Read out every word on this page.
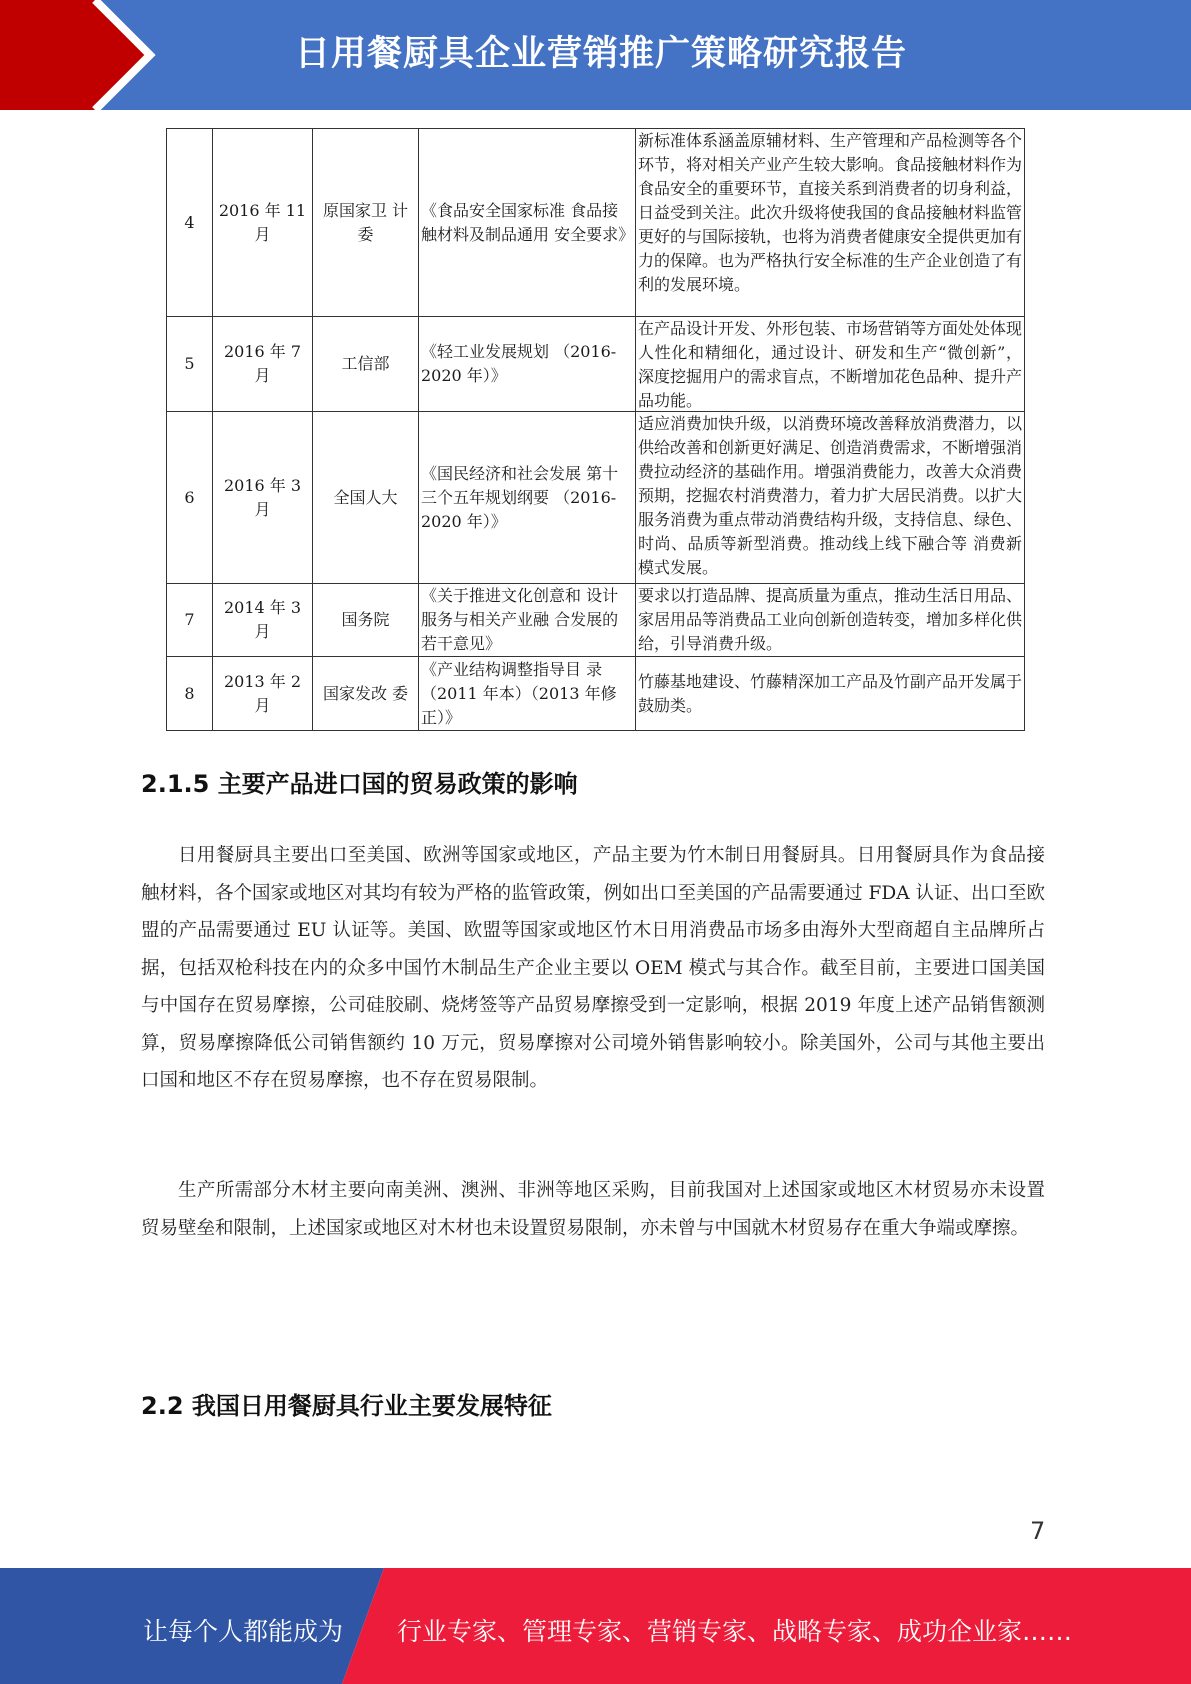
日用餐厨具企业营销推广策略研究报告
4	2016 年 11月	原国家卫 计委	《食品安全国家标准 食品接触材料及制品通用 安全要求》	新标准体系涵盖原辅材料、生产管理和产品检测等各个环节，将对相关产业产生较大影响。食品接触材料作为食品安全的重要环节，直接关系到消费者的切身利益，日益受到关注。此次升级将使我国的食品接触材料监管更好的与国际接轨，也将为消费者健康安全提供更加有力的保障。也为严格执行安全标准的生产企业创造了有利的发展环境。

5	2016 年 7 月	工信部	《轻工业发展规划 （2016-2020 年）》	在产品设计开发、外形包装、市场营销等方面处处体现人性化和精细化，通过设计、研发和生产“微创新”，深度挖掘用户的需求盲点，不断增加花色品种、提升产品功能。

6	2016 年 3 月	全国人大	《国民经济和社会发展 第十三个五年规划纲要 （2016-2020 年）》	适应消费加快升级，以消费环境改善释放消费潜力，以供给改善和创新更好满足、创造消费需求，不断增强消费拉动经济的基础作用。增强消费能力，改善大众消费预期，挖掘农村消费潜力，着力扩大居民消费。以扩大服务消费为重点带动消费结构升级，支持信息、绿色、 时尚、品质等新型消费。推动线上线下融合等 消费新模式发展。

7	2014 年 3 月	国务院	《关于推进文化创意和 设计服务与相关产业融 合发展的若干意见》	要求以打造品牌、提高质量为重点，推动生活日用品、家居用品等消费品工业向创新创造转变，增加多样化供给，引导消费升级。

8	2013 年 2 月	国家发改 委	《产业结构调整指导目 录（2011 年本）（2013 年修正）》	竹藤基地建设、竹藤精深加工产品及竹副产品开发属于鼓励类。
2.1.5 主要产品进口国的贸易政策的影响

日用餐厨具主要出口至美国、欧洲等国家或地区，产品主要为竹木制日用餐厨具。日用餐厨具作为食品接触材料，各个国家或地区对其均有较为严格的监管政策，例如出口至美国的产品需要通过 FDA 认证、出口至欧盟的产品需要通过 EU 认证等。美国、欧盟等国家或地区竹木日用消费品市场多由海外大型商超自主品牌所占据，包括双枪科技在内的众多中国竹木制品生产企业主要以 OEM 模式与其合作。截至目前，主要进口国美国与中国存在贸易摩擦，公司硅胶刷、烧烤签等产品贸易摩擦受到一定影响，根据 2019 年度上述产品销售额测算，贸易摩擦降低公司销售额约 10 万元，贸易摩擦对公司境外销售影响较小。除美国外，公司与其他主要出口国和地区不存在贸易摩擦，也不存在贸易限制。

生产所需部分木材主要向南美洲、澳洲、非洲等地区采购，目前我国对上述国家或地区木材贸易亦未设置贸易壁垒和限制，上述国家或地区对木材也未设置贸易限制，亦未曾与中国就木材贸易存在重大争端或摩擦。

2.2 我国日用餐厨具行业主要发展特征
7
让每个人都能成为 行业专家、管理专家、营销专家、战略专家、成功企业家……
